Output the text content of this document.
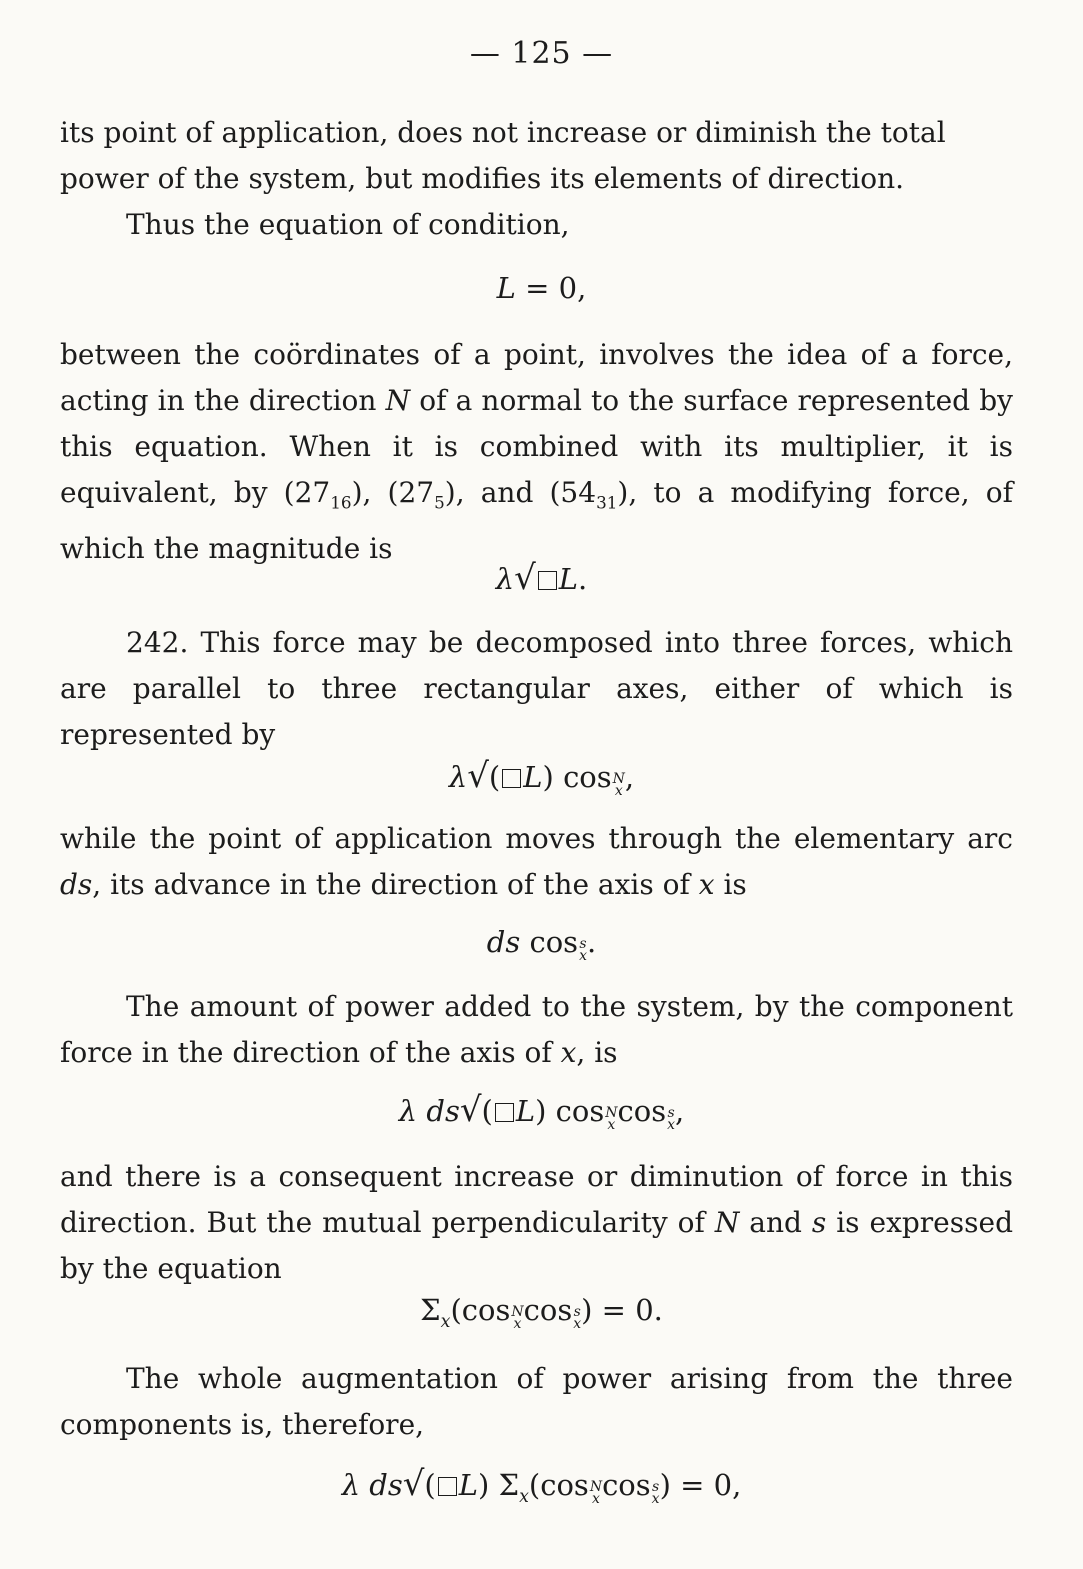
— 125 —

its point of application, does not increase or diminish the total
power of the system, but modifies its elements of direction.

Thus the equation of condition,

L = 0,

between the coördinates of a point, involves the idea of a force, acting in the direction N of a normal to the surface represented by this equation. When it is combined with its multiplier, it is equivalent, by $(27_{16})$, $(27_5)$, and $(54_{31})$, to a modifying force, of which the magnitude is

λ√ L.

242. This force may be decomposed into three forces, which are parallel to three rectangular axes, either of which is represented by

λ√( L) cos N
x ,

while the point of application moves through the elementary arc ds, its advance in the direction of the axis of x is

ds cos s
x .

The amount of power added to the system, by the component force in the direction of the axis of x, is

λ ds√( L) cos N
x cos s
x ,

and there is a consequent increase or diminution of force in this direction. But the mutual perpendicularity of N and s is expressed by the equation

$\Sigma_x(\cos$ N
x cos s
x ) = 0.

The whole augmentation of power arising from the three components is, therefore,

λ ds√( L) $\Sigma_x(\cos$ N
x cos s
x ) = 0,
